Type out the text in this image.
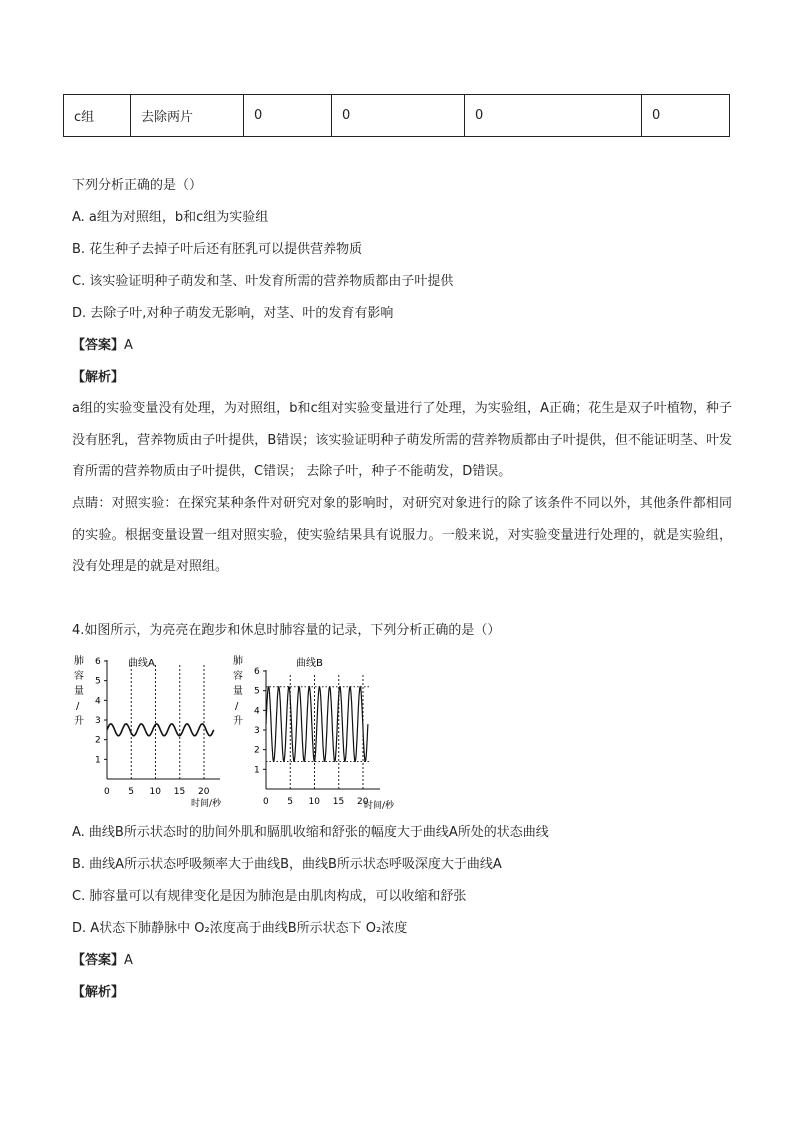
c组	去除两片	0	0	0	0
下列分析正确的是（）
A. a组为对照组，b和c组为实验组
B. 花生种子去掉子叶后还有胚乳可以提供营养物质
C. 该实验证明种子萌发和茎、叶发育所需的营养物质都由子叶提供
D. 去除子叶,对种子萌发无影响，对茎、叶的发育有影响
【答案】A
【解析】
a组的实验变量没有处理，为对照组，b和c组对实验变量进行了处理，为实验组，A正确；花生是双子叶植物，种子没有胚乳，营养物质由子叶提供，B错误；该实验证明种子萌发所需的营养物质都由子叶提供，但不能证明茎、叶发育所需的营养物质由子叶提供，C错误； 去除子叶，种子不能萌发，D错误。
点睛：对照实验：在探究某种条件对研究对象的影响时，对研究对象进行的除了该条件不同以外，其他条件都相同的实验。根据变量设置一组对照实验，使实验结果具有说服力。一般来说，对实验变量进行处理的，就是实验组，没有处理是的就是对照组。
4.如图所示，为亮亮在跑步和休息时肺容量的记录，下列分析正确的是（）
肺
容
量
/
升
曲线A
1
2
3
4
5
6
0 5 10 15 20
时间/秒
肺
容
量
/
升
曲线B
1
2
3
4
5
6
0 5 10 15 20
时间/秒
A. 曲线B所示状态时的肋间外肌和膈肌收缩和舒张的幅度大于曲线A所处的状态曲线
B. 曲线A所示状态呼吸频率大于曲线B，曲线B所示状态呼吸深度大于曲线A
C. 肺容量可以有规律变化是因为肺泡是由肌肉构成，可以收缩和舒张
D. A状态下肺静脉中 O₂浓度高于曲线B所示状态下 O₂浓度
【答案】A
【解析】
